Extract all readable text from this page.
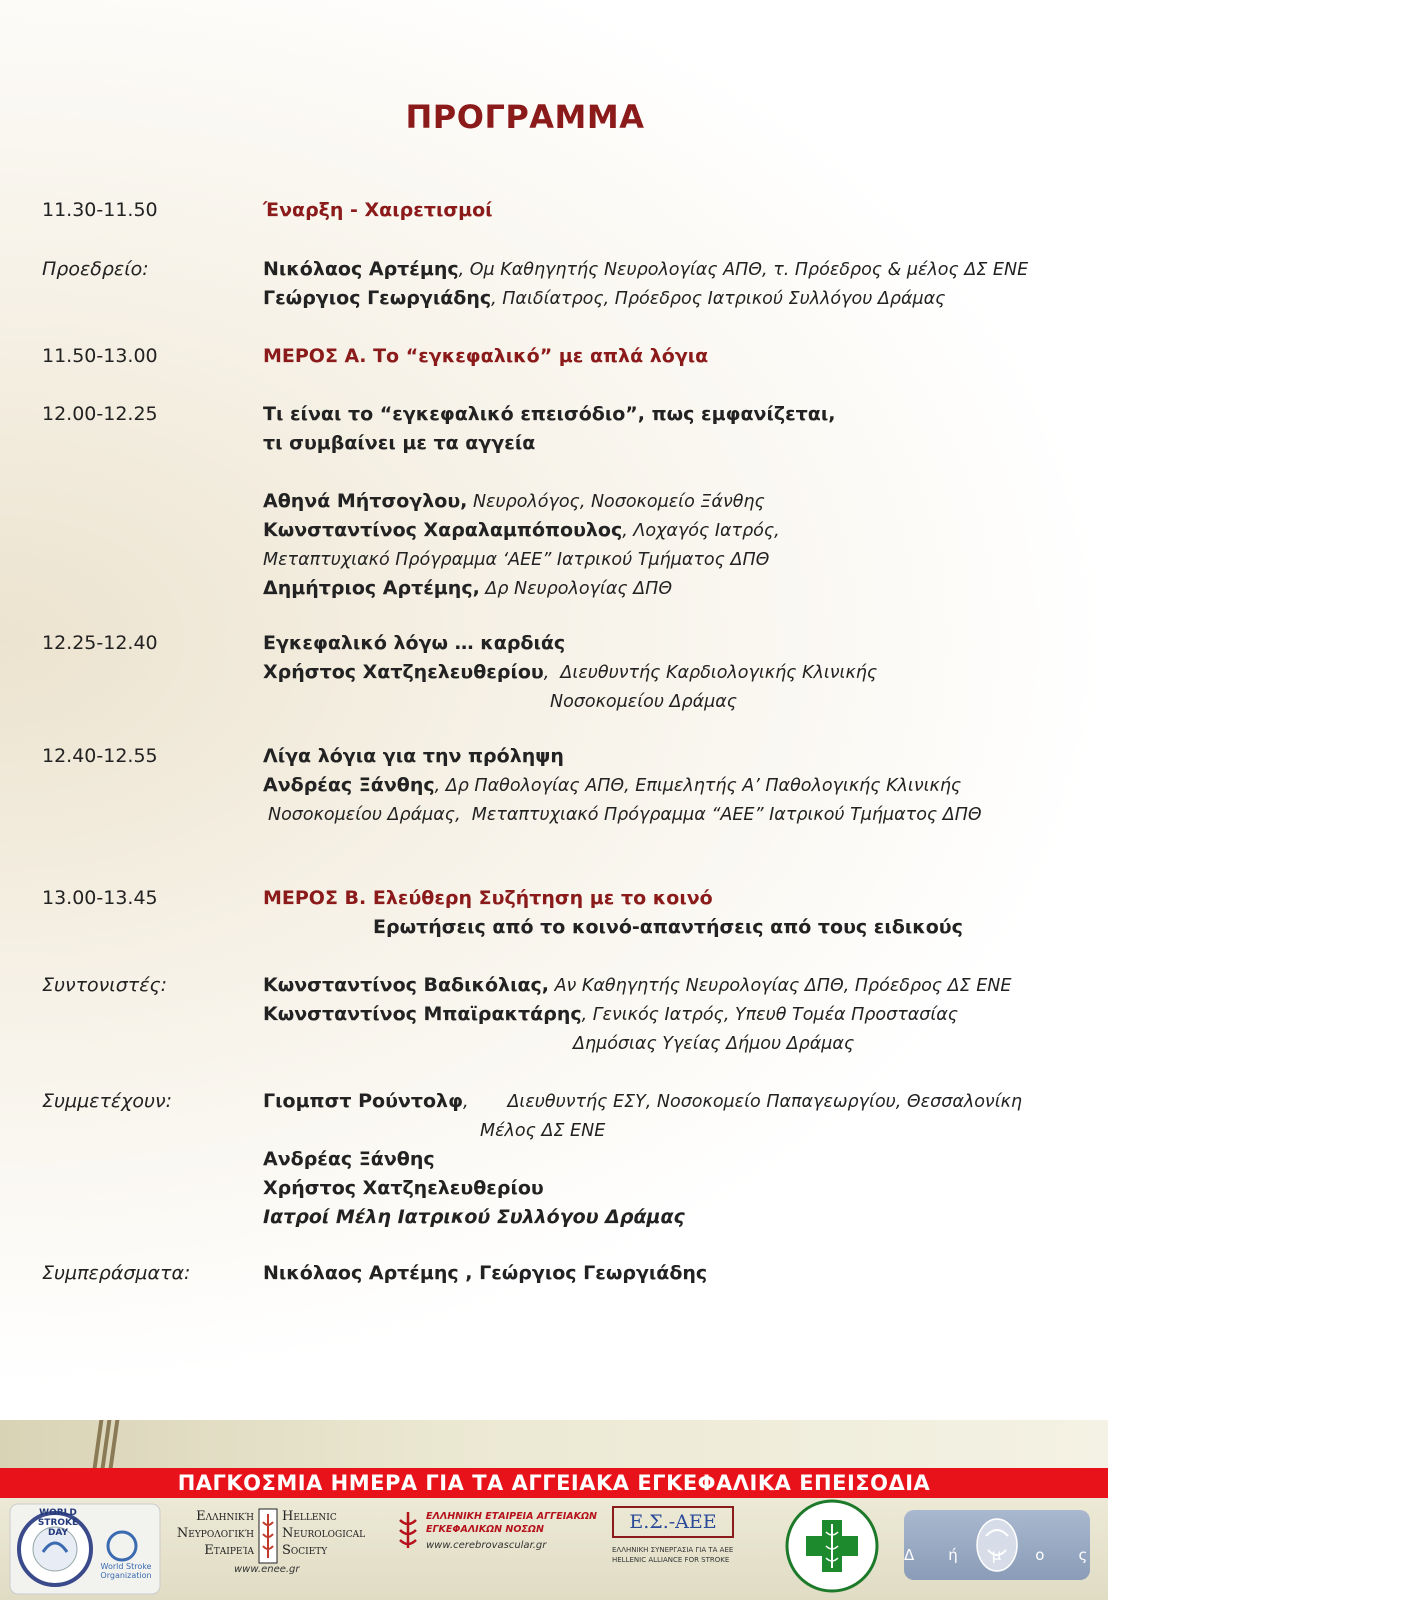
ΠΡΟΓΡΑΜΜΑ
11.30-11.50	Έναρξη - Χαιρετισμοί
Προεδρείο:	Νικόλαος Αρτέμης, Ομ Καθηγητής Νευρολογίας ΑΠΘ, τ. Πρόεδρος & μέλος ΔΣ ΕΝΕ
Γεώργιος Γεωργιάδης, Παιδίατρος, Πρόεδρος Ιατρικού Συλλόγου Δράμας
11.50-13.00	ΜΕΡΟΣ Α. Το “εγκεφαλικό” με απλά λόγια
12.00-12.25	Τι είναι το “εγκεφαλικό επεισόδιο”, πως εμφανίζεται,
τι συμβαίνει με τα αγγεία
Αθηνά Μήτσογλου, Νευρολόγος, Νοσοκομείο Ξάνθης
Κωνσταντίνος Χαραλαμπόπουλος, Λοχαγός Ιατρός,
Μεταπτυχιακό Πρόγραμμα ‘ΑΕΕ” Ιατρικού Τμήματος ΔΠΘ
Δημήτριος Αρτέμης, Δρ Νευρολογίας ΔΠΘ
12.25-12.40	Εγκεφαλικό λόγω … καρδιάς
Χρήστος Χατζηελευθερίου,  Διευθυντής Καρδιολογικής Κλινικής
Νοσοκομείου Δράμας
12.40-12.55	Λίγα λόγια για την πρόληψη
Ανδρέας Ξάνθης, Δρ Παθολογίας ΑΠΘ, Επιμελητής Α’ Παθολογικής Κλινικής
Νοσοκομείου Δράμας,  Μεταπτυχιακό Πρόγραμμα “ΑΕΕ” Ιατρικού Τμήματος ΔΠΘ
13.00-13.45	ΜΕΡΟΣ Β. Ελεύθερη Συζήτηση με το κοινό
Ερωτήσεις από το κοινό-απαντήσεις από τους ειδικούς
Συντονιστές:	Κωνσταντίνος Βαδικόλιας, Αν Καθηγητής Νευρολογίας ΔΠΘ, Πρόεδρος ΔΣ ΕΝΕ
Κωνσταντίνος Μπαϊρακτάρης, Γενικός Ιατρός, Υπευθ Τομέα Προστασίας
Δημόσιας Υγείας Δήμου Δράμας
Συμμετέχουν:	Γιομπστ Ρούντολφ,       Διευθυντής ΕΣΥ, Νοσοκομείο Παπαγεωργίου, Θεσσαλονίκη
Μέλος ΔΣ ΕΝΕ
Ανδρέας Ξάνθης
Χρήστος Χατζηελευθερίου
Ιατροί Μέλη Ιατρικού Συλλόγου Δράμας
Συμπεράσματα:	Νικόλαος Αρτέμης , Γεώργιος Γεωργιάδης
ΠΑΓΚΟΣΜΙΑ ΗΜΕΡΑ ΓΙΑ ΤΑ ΑΓΓΕΙΑΚΑ ΕΓΚΕΦΑΛΙΚΑ ΕΠΕΙΣΟΔΙΑ
WORLD STROKE DAY
World Stroke Organization
Ελληνική
Νευρολογική
Εταιρεία
Hellenic
Neurological
Society
www.enee.gr
ΕΛΛΗΝΙΚΗ ΕΤΑΙΡΕΙΑ ΑΓΓΕΙΑΚΩΝ ΕΓΚΕΦΑΛΙΚΩΝ ΝΟΣΩΝ
www.cerebrovascular.gr
Ε.Σ.-ΑΕΕ
ΕΛΛΗΝΙΚΗ ΣΥΝΕΡΓΑΣΙΑ ΓΙΑ ΤΑ ΑΕΕ
HELLENIC ALLIANCE FOR STROKE	Δήμος Δράμας
